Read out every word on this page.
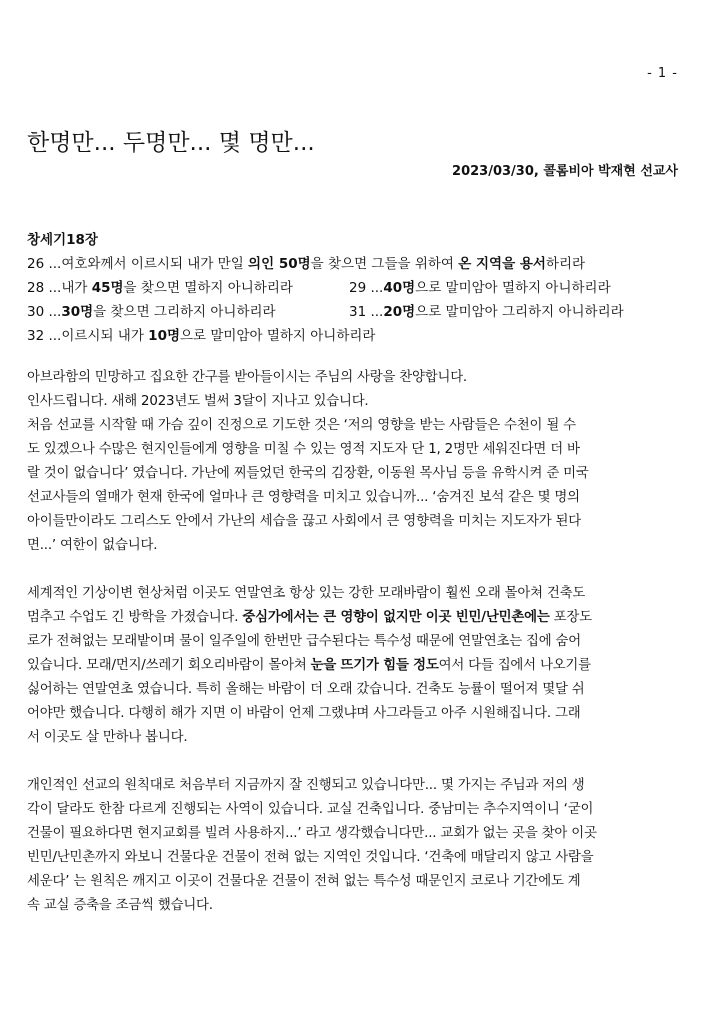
- 1 -
한명만... 두명만... 몇 명만...
2023/03/30, 콜롬비아 박재현 선교사
창세기18장
26 ...여호와께서 이르시되 내가 만일 의인 50명을 찾으면 그들을 위하여 온 지역을 용서하리라
28 ...내가 45명을 찾으면 멸하지 아니하리라	29 ...40명으로 말미암아 멸하지 아니하리라
30 ...30명을 찾으면 그리하지 아니하리라	31 ...20명으로 말미암아 그리하지 아니하리라
32 ...이르시되 내가 10명으로 말미암아 멸하지 아니하리라

아브라함의 민망하고 집요한 간구를 받아들이시는 주님의 사랑을 찬양합니다.
인사드립니다. 새해 2023년도 벌써 3달이 지나고 있습니다.
처음 선교를 시작할 때 가슴 깊이 진정으로 기도한 것은 ‘저의 영향을 받는 사람들은 수천이 될 수
도 있겠으나 수많은 현지인들에게 영향을 미칠 수 있는 영적 지도자 단 1, 2명만 세워진다면 더 바
랄 것이 없습니다’ 였습니다. 가난에 찌들었던 한국의 김장환, 이동원 목사님 등을 유학시켜 준 미국
선교사들의 열매가 현재 한국에 얼마나 큰 영향력을 미치고 있습니까... ‘숨겨진 보석 같은 몇 명의
아이들만이라도 그리스도 안에서 가난의 세습을 끊고 사회에서 큰 영향력을 미치는 지도자가 된다
면...’ 여한이 없습니다.

세계적인 기상이변 현상처럼 이곳도 연말연초 항상 있는 강한 모래바람이 훨씬 오래 몰아쳐 건축도
멈추고 수업도 긴 방학을 가졌습니다. 중심가에서는 큰 영향이 없지만 이곳 빈민/난민촌에는 포장도
로가 전혀없는 모래밭이며 물이 일주일에 한번만 급수된다는 특수성 때문에 연말연초는 집에 숨어
있습니다. 모래/먼지/쓰레기 회오리바람이 몰아쳐 눈을 뜨기가 힘들 정도여서 다들 집에서 나오기를
싫어하는 연말연초 였습니다. 특히 올해는 바람이 더 오래 갔습니다. 건축도 능률이 떨어져 몇달 쉬
어야만 했습니다. 다행히 해가 지면 이 바람이 언제 그랬냐며 사그라들고 아주 시원해집니다. 그래
서 이곳도 살 만하나 봅니다.

개인적인 선교의 원칙대로 처음부터 지금까지 잘 진행되고 있습니다만... 몇 가지는 주님과 저의 생
각이 달라도 한참 다르게 진행되는 사역이 있습니다. 교실 건축입니다. 중남미는 추수지역이니 ‘굳이
건물이 필요하다면 현지교회를 빌려 사용하지...’ 라고 생각했습니다만... 교회가 없는 곳을 찾아 이곳
빈민/난민촌까지 와보니 건물다운 건물이 전혀 없는 지역인 것입니다. ‘건축에 매달리지 않고 사람을
세운다’ 는 원칙은 깨지고 이곳이 건물다운 건물이 전혀 없는 특수성 때문인지 코로나 기간에도 계
속 교실 증축을 조금씩 했습니다.
